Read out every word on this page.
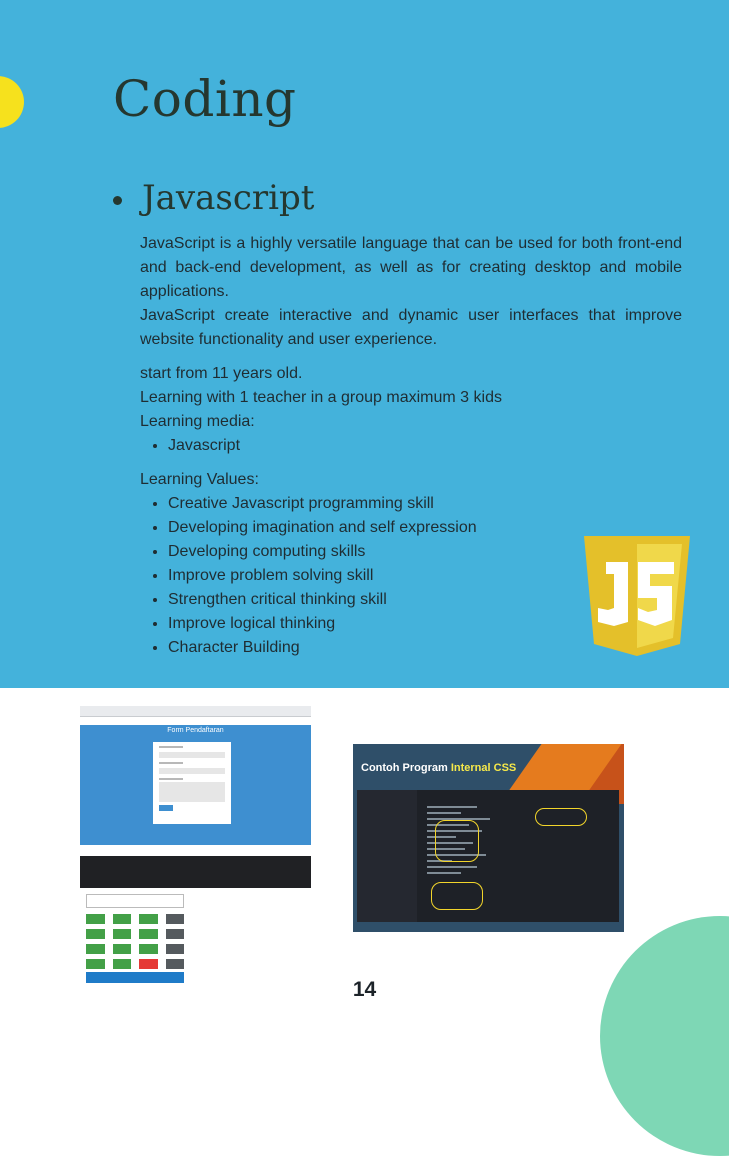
Coding
Javascript

JavaScript is a highly versatile language that can be used for both front-end and back-end development, as well as for creating desktop and mobile applications.

JavaScript create interactive and dynamic user interfaces that improve website functionality and user experience.

start from 11 years old.

Learning with 1 teacher in a group maximum 3 kids

Learning media:

• Javascript

Learning Values:

• Creative Javascript programming skill
• Developing imagination and self expression
• Developing computing skills
• Improve problem solving skill
• Strengthen critical thinking skill
• Improve logical thinking
• Character Building
Form Pendaftaran
Contoh Program Internal CSS
14
